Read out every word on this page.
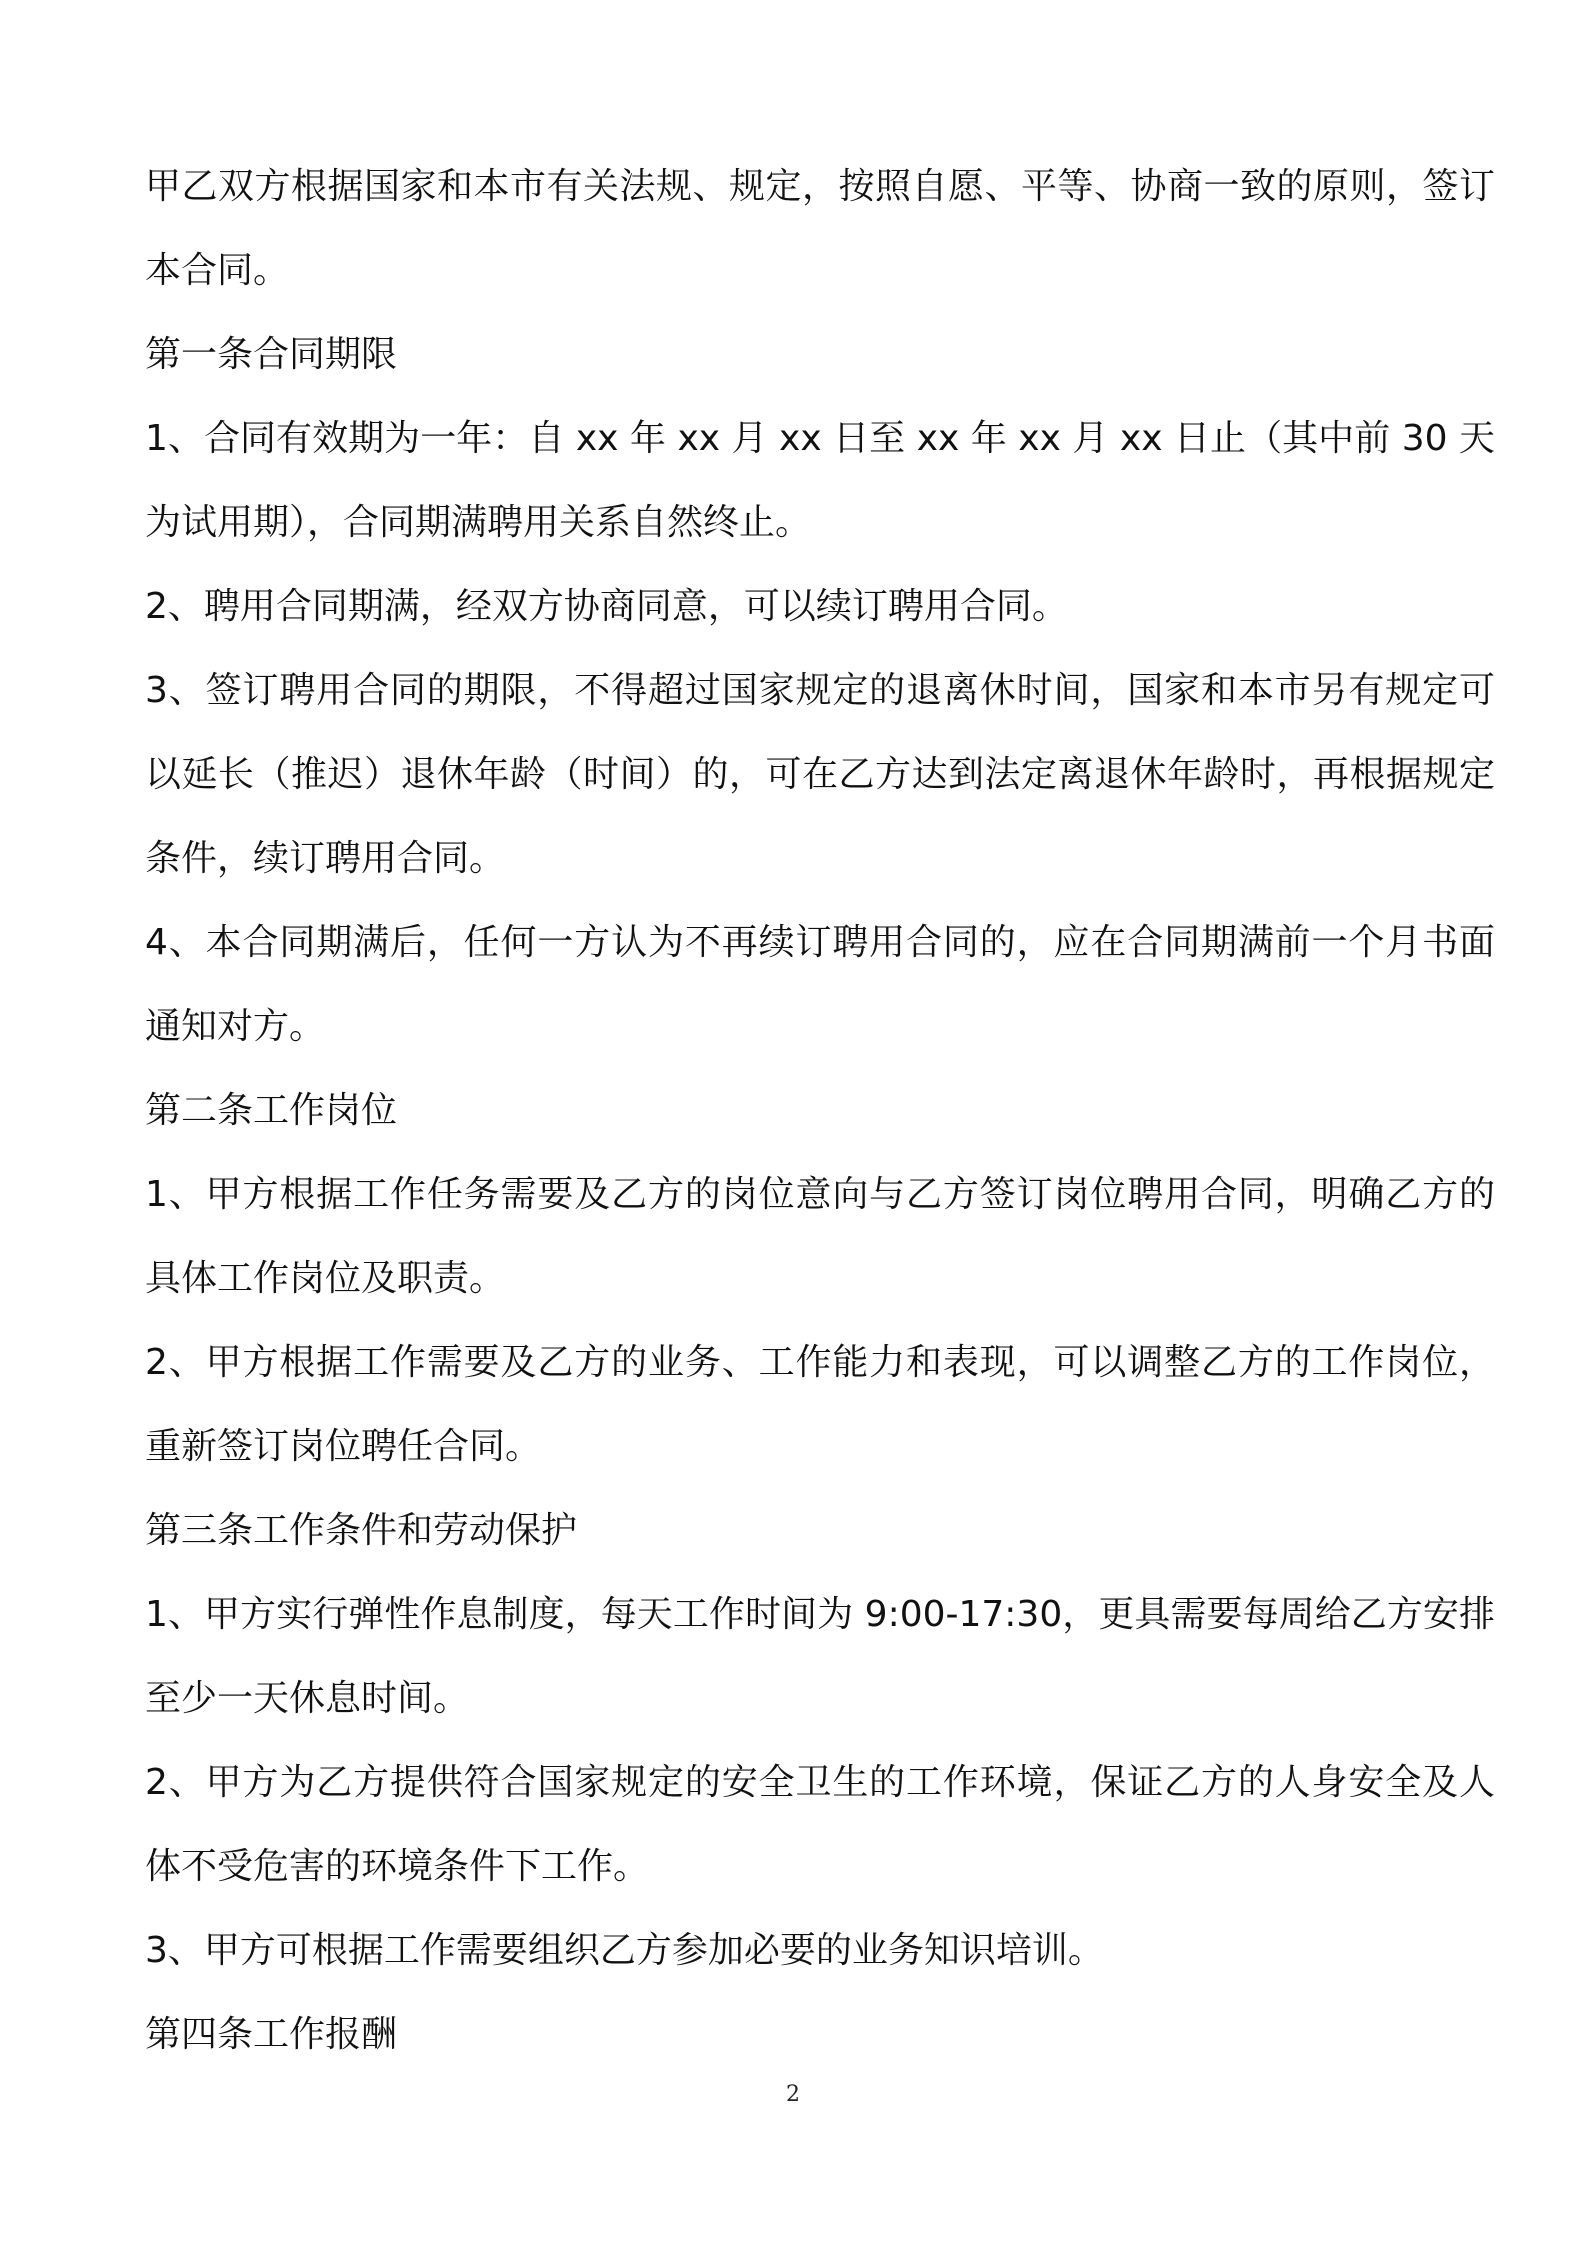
甲乙双方根据国家和本市有关法规、规定，按照自愿、平等、协商一致的原则，签订本合同。

第一条合同期限

1、合同有效期为一年：自 xx 年 xx 月 xx 日至 xx 年 xx 月 xx 日止（其中前 30 天为试用期），合同期满聘用关系自然终止。

2、聘用合同期满，经双方协商同意，可以续订聘用合同。

3、签订聘用合同的期限，不得超过国家规定的退离休时间，国家和本市另有规定可以延长（推迟）退休年龄（时间）的，可在乙方达到法定离退休年龄时，再根据规定条件，续订聘用合同。

4、本合同期满后，任何一方认为不再续订聘用合同的，应在合同期满前一个月书面通知对方。

第二条工作岗位

1、甲方根据工作任务需要及乙方的岗位意向与乙方签订岗位聘用合同，明确乙方的具体工作岗位及职责。

2、甲方根据工作需要及乙方的业务、工作能力和表现，可以调整乙方的工作岗位，重新签订岗位聘任合同。

第三条工作条件和劳动保护

1、甲方实行弹性作息制度，每天工作时间为 9:00-17:30，更具需要每周给乙方安排至少一天休息时间。

2、甲方为乙方提供符合国家规定的安全卫生的工作环境，保证乙方的人身安全及人体不受危害的环境条件下工作。

3、甲方可根据工作需要组织乙方参加必要的业务知识培训。

第四条工作报酬

2
